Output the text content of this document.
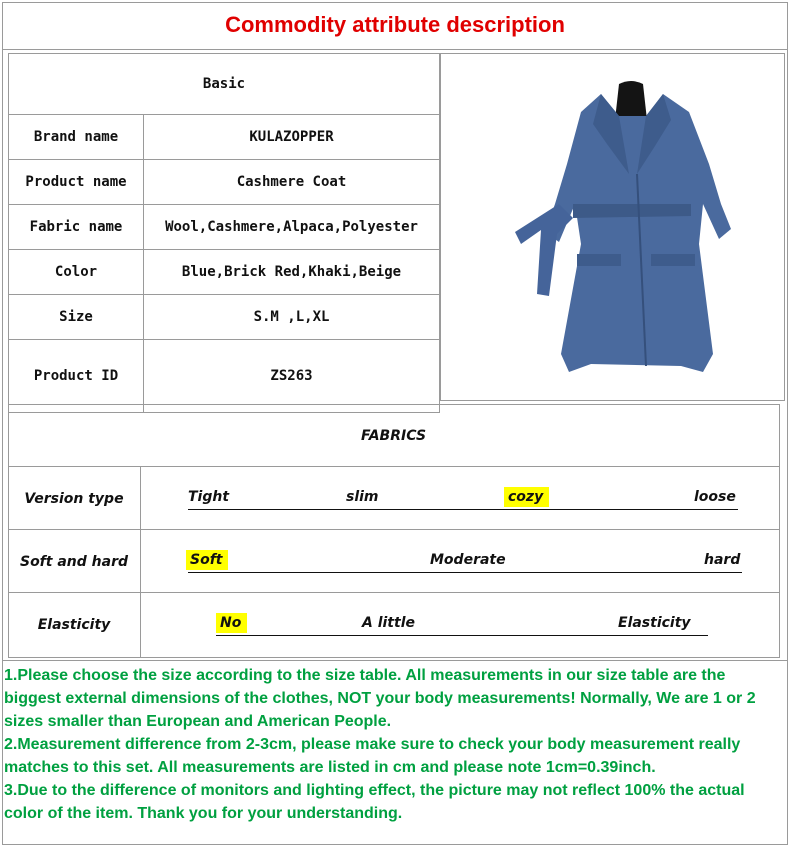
Commodity attribute description
Basic	
Brand name	KULAZOPPER
Product name	Cashmere Coat
Fabric name	Wool,Cashmere,Alpaca,Polyester
Color	Blue,Brick Red,Khaki,Beige
Size	S.M ,L,XL
Product ID	ZS263
FABRICS
Version type	Tight	slim	cozy	loose
Soft and hard	Soft	Moderate	hard
Elasticity	No	A little	Elasticity

1.Please choose the size according to the size table. All measurements in our size table are the biggest external dimensions of the clothes, NOT your body measurements! Normally, We are 1 or 2 sizes smaller than European and American People.

2.Measurement difference from 2-3cm, please make sure to check your body measurement really matches to this set. All measurements are listed in cm and please note 1cm=0.39inch.

3.Due to the difference of monitors and lighting effect, the picture may not reflect 100% the actual color of the item. Thank you for your understanding.
